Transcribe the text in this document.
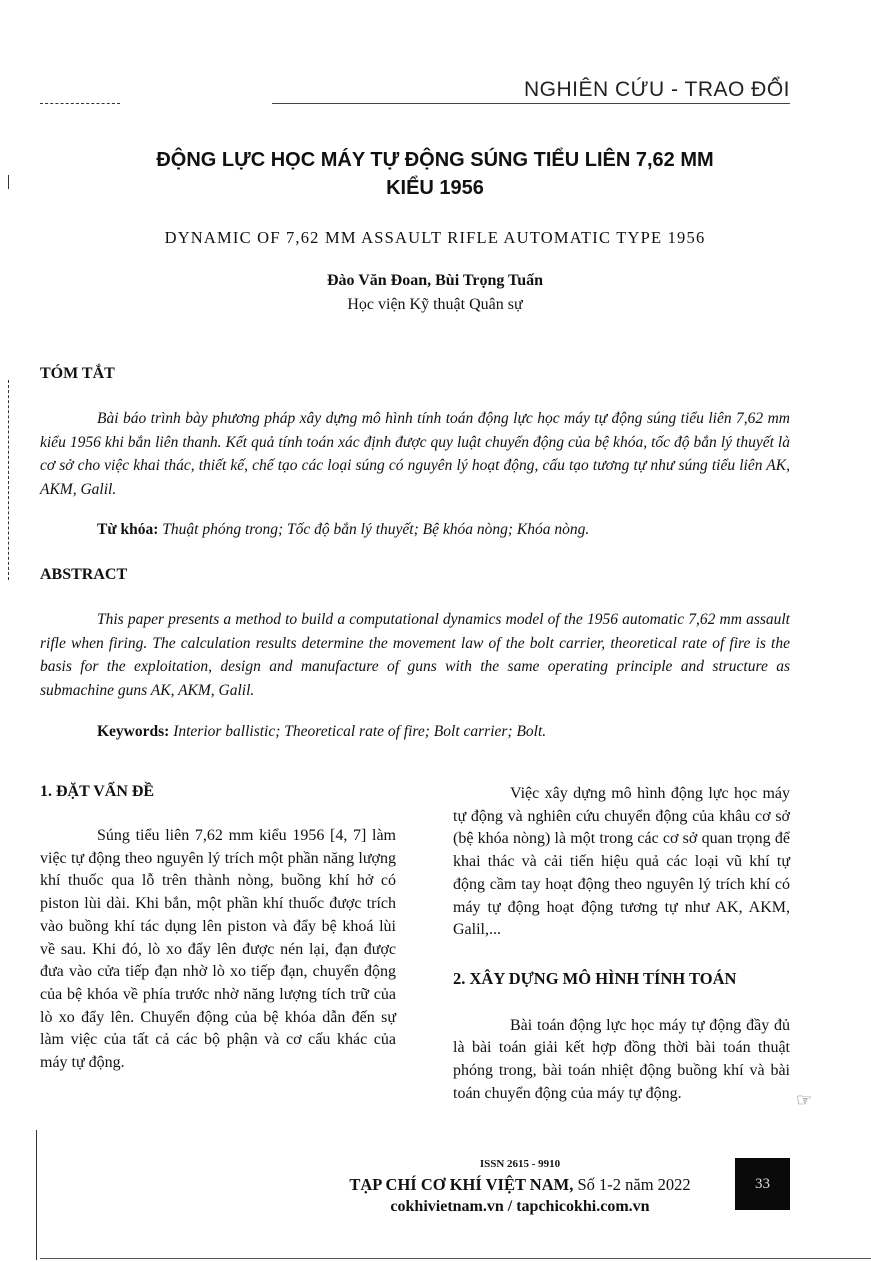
NGHIÊN CỨU - TRAO ĐỔI
ĐỘNG LỰC HỌC MÁY TỰ ĐỘNG SÚNG TIỂU LIÊN 7,62 MM
KIỂU 1956
DYNAMIC OF 7,62 MM ASSAULT RIFLE AUTOMATIC TYPE 1956
Đào Văn Đoan, Bùi Trọng Tuấn
Học viện Kỹ thuật Quân sự
TÓM TẮT
Bài báo trình bày phương pháp xây dựng mô hình tính toán động lực học máy tự động súng tiểu liên 7,62 mm kiểu 1956 khi bắn liên thanh. Kết quả tính toán xác định được quy luật chuyển động của bệ khóa, tốc độ bắn lý thuyết là cơ sở cho việc khai thác, thiết kế, chế tạo các loại súng có nguyên lý hoạt động, cấu tạo tương tự như súng tiểu liên AK, AKM, Galil.
Từ khóa: Thuật phóng trong; Tốc độ bắn lý thuyết; Bệ khóa nòng; Khóa nòng.
ABSTRACT
This paper presents a method to build a computational dynamics model of the 1956 automatic 7,62 mm assault rifle when firing. The calculation results determine the movement law of the bolt carrier, theoretical rate of fire is the basis for the exploitation, design and manufacture of guns with the same operating principle and structure as submachine guns AK, AKM, Galil.
Keywords: Interior ballistic; Theoretical rate of fire; Bolt carrier; Bolt.
1. ĐẶT VẤN ĐỀ
Súng tiểu liên 7,62 mm kiểu 1956 [4, 7] làm việc tự động theo nguyên lý trích một phần năng lượng khí thuốc qua lỗ trên thành nòng, buồng khí hở có piston lùi dài. Khi bắn, một phần khí thuốc được trích vào buồng khí tác dụng lên piston và đẩy bệ khoá lùi về sau. Khi đó, lò xo đẩy lên được nén lại, đạn được đưa vào cửa tiếp đạn nhờ lò xo tiếp đạn, chuyển động của bệ khóa về phía trước nhờ năng lượng tích trữ của lò xo đẩy lên. Chuyển động của bệ khóa dẫn đến sự làm việc của tất cả các bộ phận và cơ cấu khác của máy tự động.
Việc xây dựng mô hình động lực học máy tự động và nghiên cứu chuyển động của khâu cơ sở (bệ khóa nòng) là một trong các cơ sở quan trọng để khai thác và cải tiến hiệu quả các loại vũ khí tự động cầm tay hoạt động theo nguyên lý trích khí có máy tự động hoạt động tương tự như AK, AKM, Galil,...
2. XÂY DỰNG MÔ HÌNH TÍNH TOÁN
Bài toán động lực học máy tự động đầy đủ là bài toán giải kết hợp đồng thời bài toán thuật phóng trong, bài toán nhiệt động buồng khí và bài toán chuyển động của máy tự động.	☞
ISSN 2615 - 9910
TẠP CHÍ CƠ KHÍ VIỆT NAM, Số 1-2 năm 2022
cokhivietnam.vn / tapchicokhi.com.vn
33
